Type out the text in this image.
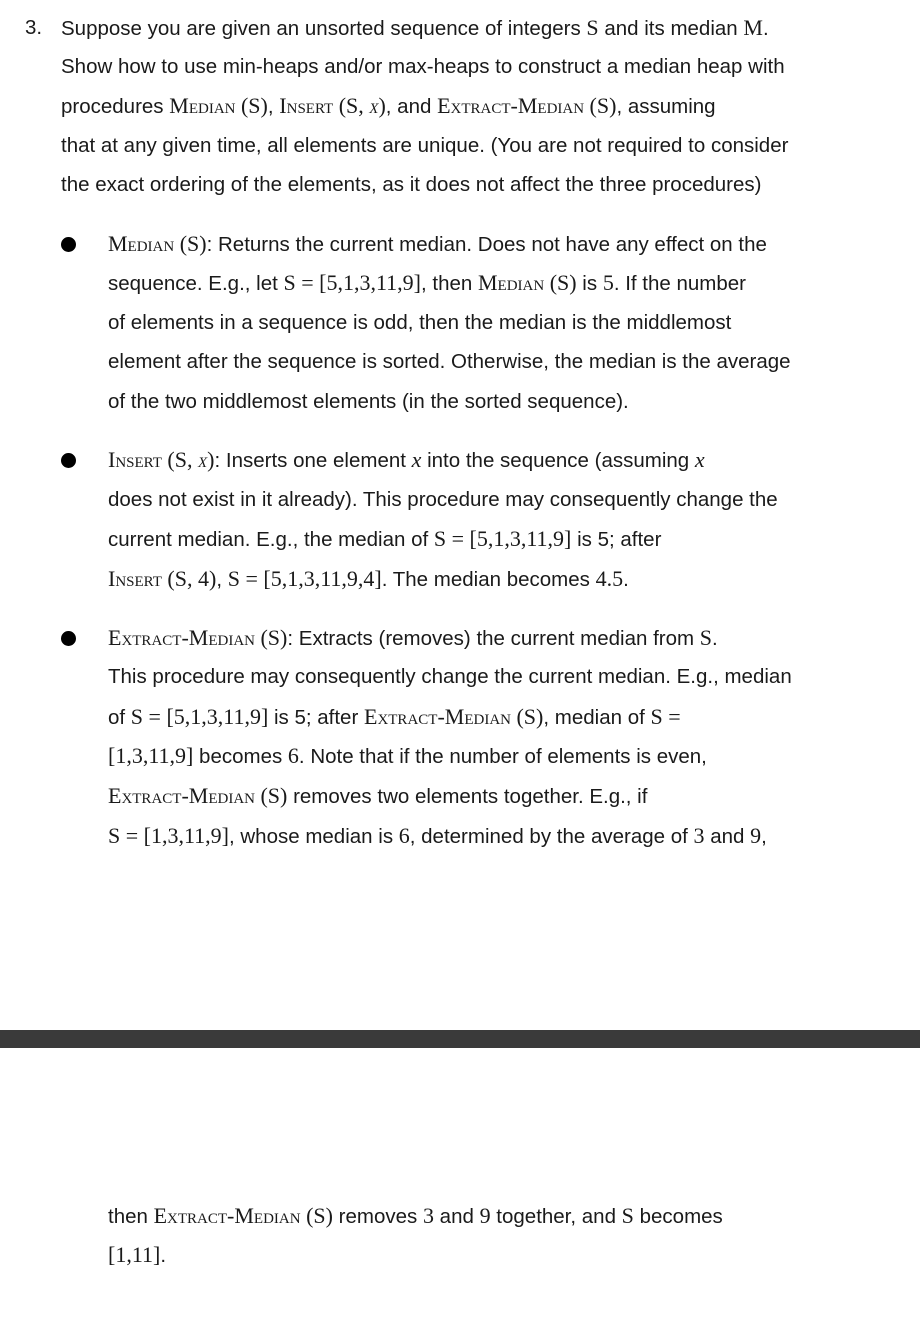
3. Suppose you are given an unsorted sequence of integers S and its median M.
Show how to use min-heaps and/or max-heaps to construct a median heap with
procedures Median (S), Insert (S, x), and Extract-Median (S), assuming
that at any given time, all elements are unique. (You are not required to consider
the exact ordering of the elements, as it does not affect the three procedures)
Median (S): Returns the current median. Does not have any effect on the
sequence. E.g., let S = [5,1,3,11,9], then Median (S) is 5. If the number
of elements in a sequence is odd, then the median is the middlemost
element after the sequence is sorted. Otherwise, the median is the average
of the two middlemost elements (in the sorted sequence).
Insert (S, x): Inserts one element x into the sequence (assuming x
does not exist in it already). This procedure may consequently change the
current median. E.g., the median of S = [5,1,3,11,9] is 5; after
Insert (S, 4), S = [5,1,3,11,9,4]. The median becomes 4.5.
Extract-Median (S): Extracts (removes) the current median from S.
This procedure may consequently change the current median. E.g., median
of S = [5,1,3,11,9] is 5; after Extract-Median (S), median of S =
[1,3,11,9] becomes 6. Note that if the number of elements is even,
Extract-Median (S) removes two elements together. E.g., if
S = [1,3,11,9], whose median is 6, determined by the average of 3 and 9,
then Extract-Median (S) removes 3 and 9 together, and S becomes
[1,11].
